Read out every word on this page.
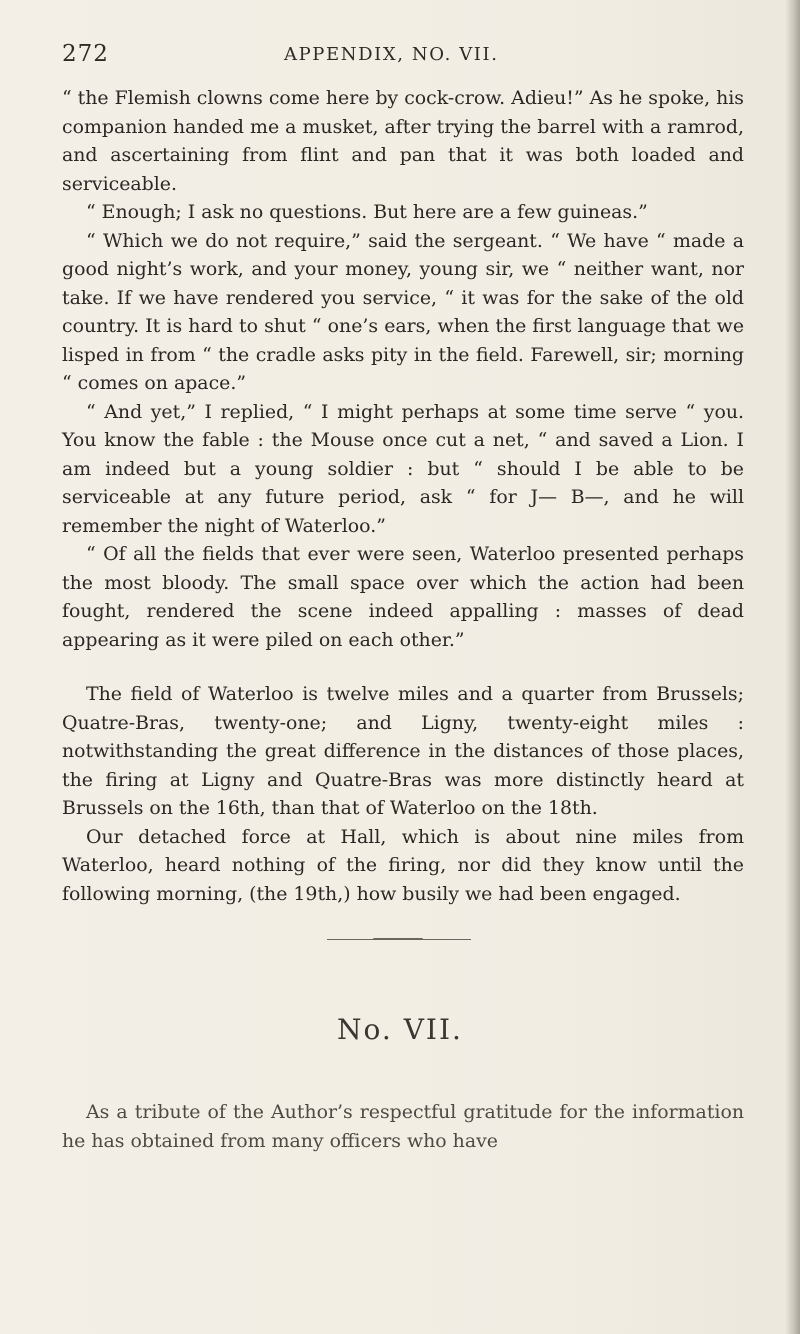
272	APPENDIX, NO. VII.

“ the Flemish clowns come here by cock-crow. Adieu!” As he spoke, his companion handed me a musket, after trying the barrel with a ramrod, and ascertaining from flint and pan that it was both loaded and serviceable.

“ Enough; I ask no questions. But here are a few guineas.”

“ Which we do not require,” said the sergeant. “ We have “ made a good night’s work, and your money, young sir, we “ neither want, nor take. If we have rendered you service, “ it was for the sake of the old country. It is hard to shut “ one’s ears, when the first language that we lisped in from “ the cradle asks pity in the field. Farewell, sir; morning “ comes on apace.”

“ And yet,” I replied, “ I might perhaps at some time serve “ you. You know the fable : the Mouse once cut a net, “ and saved a Lion. I am indeed but a young soldier : but “ should I be able to be serviceable at any future period, ask “ for J— B—, and he will remember the night of Waterloo.”

“ Of all the fields that ever were seen, Waterloo presented perhaps the most bloody. The small space over which the action had been fought, rendered the scene indeed appalling : masses of dead appearing as it were piled on each other.”

The field of Waterloo is twelve miles and a quarter from Brussels; Quatre-Bras, twenty-one; and Ligny, twenty-eight miles : notwithstanding the great difference in the distances of those places, the firing at Ligny and Quatre-Bras was more distinctly heard at Brussels on the 16th, than that of Waterloo on the 18th.

Our detached force at Hall, which is about nine miles from Waterloo, heard nothing of the firing, nor did they know until the following morning, (the 19th,) how busily we had been engaged.

No. VII.

As a tribute of the Author’s respectful gratitude for the information he has obtained from many officers who have
